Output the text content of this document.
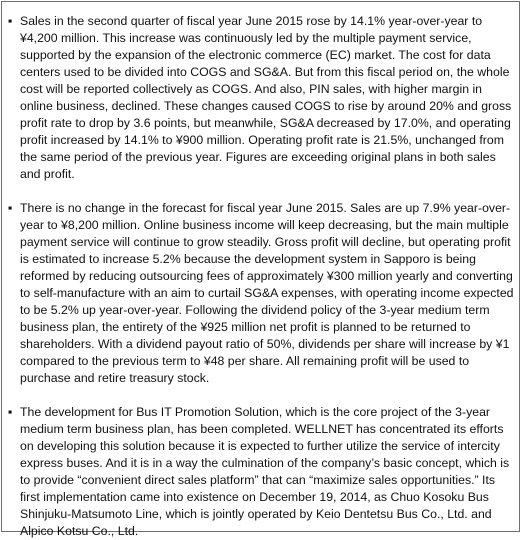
▪ Sales in the second quarter of fiscal year June 2015 rose by 14.1% year-over-year to ¥4,200 million. This increase was continuously led by the multiple payment service, supported by the expansion of the electronic commerce (EC) market. The cost for data centers used to be divided into COGS and SG&A. But from this fiscal period on, the whole cost will be reported collectively as COGS. And also, PIN sales, with higher margin in online business, declined. These changes caused COGS to rise by around 20% and gross profit rate to drop by 3.6 points, but meanwhile, SG&A decreased by 17.0%, and operating profit increased by 14.1% to ¥900 million. Operating profit rate is 21.5%, unchanged from the same period of the previous year. Figures are exceeding original plans in both sales and profit.
▪ There is no change in the forecast for fiscal year June 2015. Sales are up 7.9% year-over-year to ¥8,200 million. Online business income will keep decreasing, but the main multiple payment service will continue to grow steadily. Gross profit will decline, but operating profit is estimated to increase 5.2% because the development system in Sapporo is being reformed by reducing outsourcing fees of approximately ¥300 million yearly and converting to self-manufacture with an aim to curtail SG&A expenses, with operating income expected to be 5.2% up year-over-year. Following the dividend policy of the 3-year medium term business plan, the entirety of the ¥925 million net profit is planned to be returned to shareholders. With a dividend payout ratio of 50%, dividends per share will increase by ¥1 compared to the previous term to ¥48 per share. All remaining profit will be used to purchase and retire treasury stock.
▪ The development for Bus IT Promotion Solution, which is the core project of the 3-year medium term business plan, has been completed. WELLNET has concentrated its efforts on developing this solution because it is expected to further utilize the service of intercity express buses. And it is in a way the culmination of the company’s basic concept, which is to provide “convenient direct sales platform” that can “maximize sales opportunities.” Its first implementation came into existence on December 19, 2014, as Chuo Kosoku Bus Shinjuku-Matsumoto Line, which is jointly operated by Keio Dentetsu Bus Co., Ltd. and Alpico Kotsu Co., Ltd.
